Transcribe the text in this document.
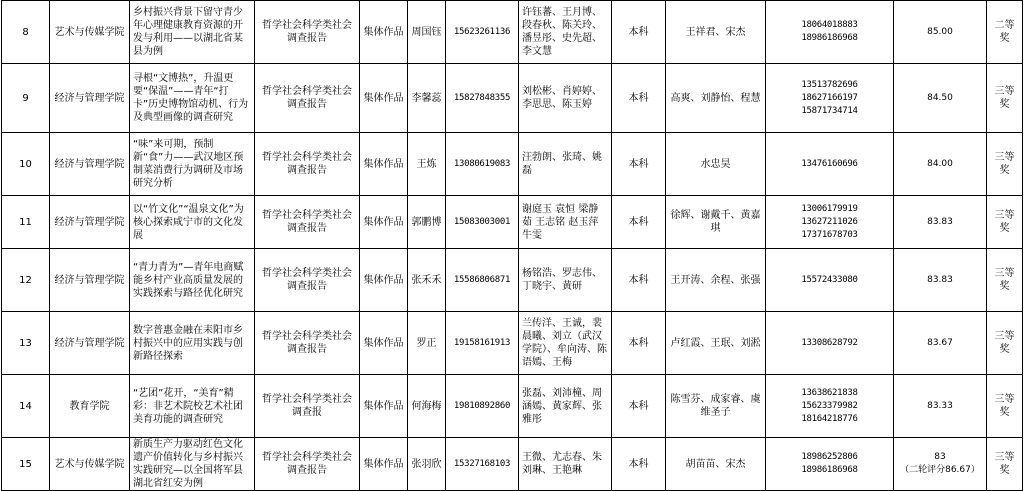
8	艺术与传媒学院	乡村振兴背景下留守青少年心理健康教育资源的开发与利用——以湖北省某县为例	哲学社会科学类社会调查报告	集体作品	周国钰	15623261136	许钰蕃、王月博、段春秋、陈关玲、潘昱彤、史先超、李文慧	本科	王祥君、宋杰	18064018883
18986186968	85.00	二等奖
9	经济与管理学院	寻根“文博热”，升温更要“保温”——青年“打卡”历史博物馆动机、行为及典型画像的调查研究	哲学社会科学类社会调查报告	集体作品	李馨蕊	15827848355	刘松彬、肖婷婷、李思思、陈玉婷	本科	高爽、刘静怡、程慧	13513782696
18627166197
15871734714	84.50	三等奖
10	经济与管理学院	“味”来可期，预制新“食”力——武汉地区预制菜消费行为调研及市场研究分析	哲学社会科学类社会调查报告	集体作品	王炼	13080619083	汪勃朗、张琦、姚磊	本科	水忠昊	13476160696	84.00	三等奖
11	经济与管理学院	以“竹文化”“温泉文化”为核心探索咸宁市的文化发展	哲学社会科学类社会调查报告	集体作品	郭鹏博	15083003001	谢庭玉 袁恒 梁静茹 王志铭 赵玉萍 牛雯	本科	徐辉、谢戴千、黄嘉琪	13006179919
13627211026
17371678703	83.83	三等奖
12	经济与管理学院	“青力青为”—青年电商赋能乡村产业高质量发展的实践探索与路径优化研究	哲学社会科学类社会调查报告	集体作品	张禾禾	15586806871	杨铭浩、罗志伟、丁晓宇、黄研	本科	王开涛、余程、张强	15572433080	83.83	三等奖
13	经济与管理学院	数字普惠金融在耒阳市乡村振兴中的应用实践与创新路径探索	哲学社会科学类社会调查报告	集体作品	罗正	19158161913	兰传洋、王诚，裴晨曦、刘立（武汉学院）、牟向涛、陈语嫣、王梅	本科	卢红霞、王珉、刘淞	13308628792	83.67	三等奖
14	教育学院	“艺团”花开，“美育”精彩：非艺术院校艺术社团美育功能的调查研究	哲学社会科学类社会调查报	集体作品	何海梅	19810892860	张磊、刘沛橦、周涵嫣、黄家辉、张雅彤	本科	陈雪芬、成家睿、虞维圣子	13638621838
15623379982
18164218776	83.33	三等奖
15	艺术与传媒学院	新质生产力驱动红色文化遗产价值转化与乡村振兴实践研究—以全国将军县湖北省红安为例	哲学社会科学类社会调查报告	集体作品	张羽欣	15327168103	王微、尤志春、朱刘琳、王艳琳	本科	胡苗苗、宋杰	18986252806
18986186968	83
（二轮评分86.67）	三等奖
